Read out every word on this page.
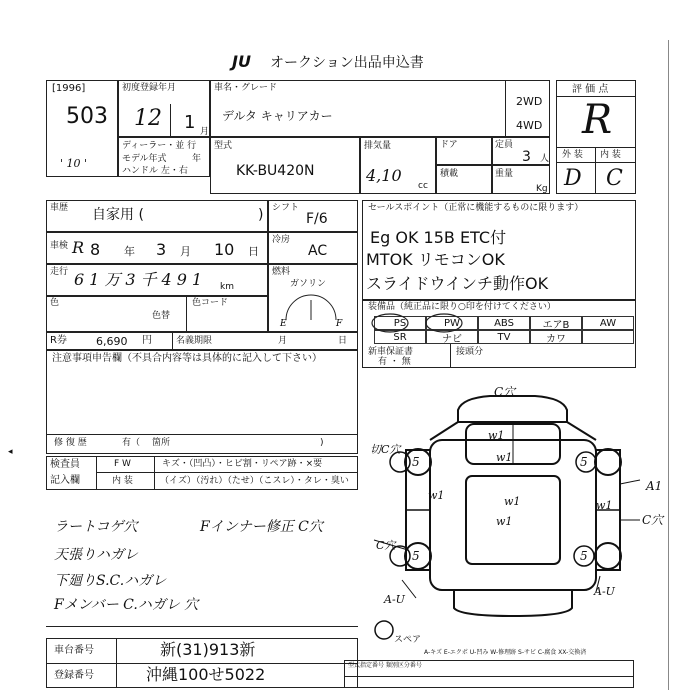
JU オークション出品申込書
[1996]
503
' 10 '
初度登録年月
12 1 月
ディーラー・並 行
モデル年式	年
ハンドル 左・右
車名・グレード
デルタ キャリアカー
2WD
4WD
型式
KK-BU420N
排気量
4,10
cc
ドア	定員
3 人
積載	重量
Kg
評 価 点
R
外 装 内 装
D C
車歴 自家用 (	)
車検 R 8 年 3 月 10 日
走行 61万3千491 km
色	色コード
色替
シフト
F/6
冷房
AC
燃料
ガソリン
E	F
セールスポイント（正常に機能するものに限ります）
Eg OK 15B ETC付
MTOK リモコンOK
スライドウインチ動作OK
装備品（純正品に限り○印を付けてください）
PS	PW	ABS	エアB	AW
SR	ナビ	TV	カワ
新車保証書
有 ・ 無
接頭分
R券	6,690 円	名義期限	月	日
注意事項申告欄（不具合内容等は具体的に記入して下さい）
修 復 歴	有（ 箇所	)
検査員
記入欄
F W	キズ・（凹凸）・ヒビ割・リペア跡・×要
内 装	（イズ）（汚れ）（たせ）（こスレ）・タレ・臭い
ラートコゲ穴
天張りハガレ
下廻りS.C.ハガレ
Fメンバー C.ハガレ 穴
Fインナー修正 C穴
C穴
切C穴
C穴
A1
C穴
A-U
A-U
5	5
5	5
w1
w1
w1	w1	w1
w1
スペア
車台番号	新(31)913新
登録番号	沖縄100せ5022
A-キズ E-エクボ U-凹み W-修理跡 S-サビ C-腐食 XX-交換済
型式指定番号 類別区分番号
◂
